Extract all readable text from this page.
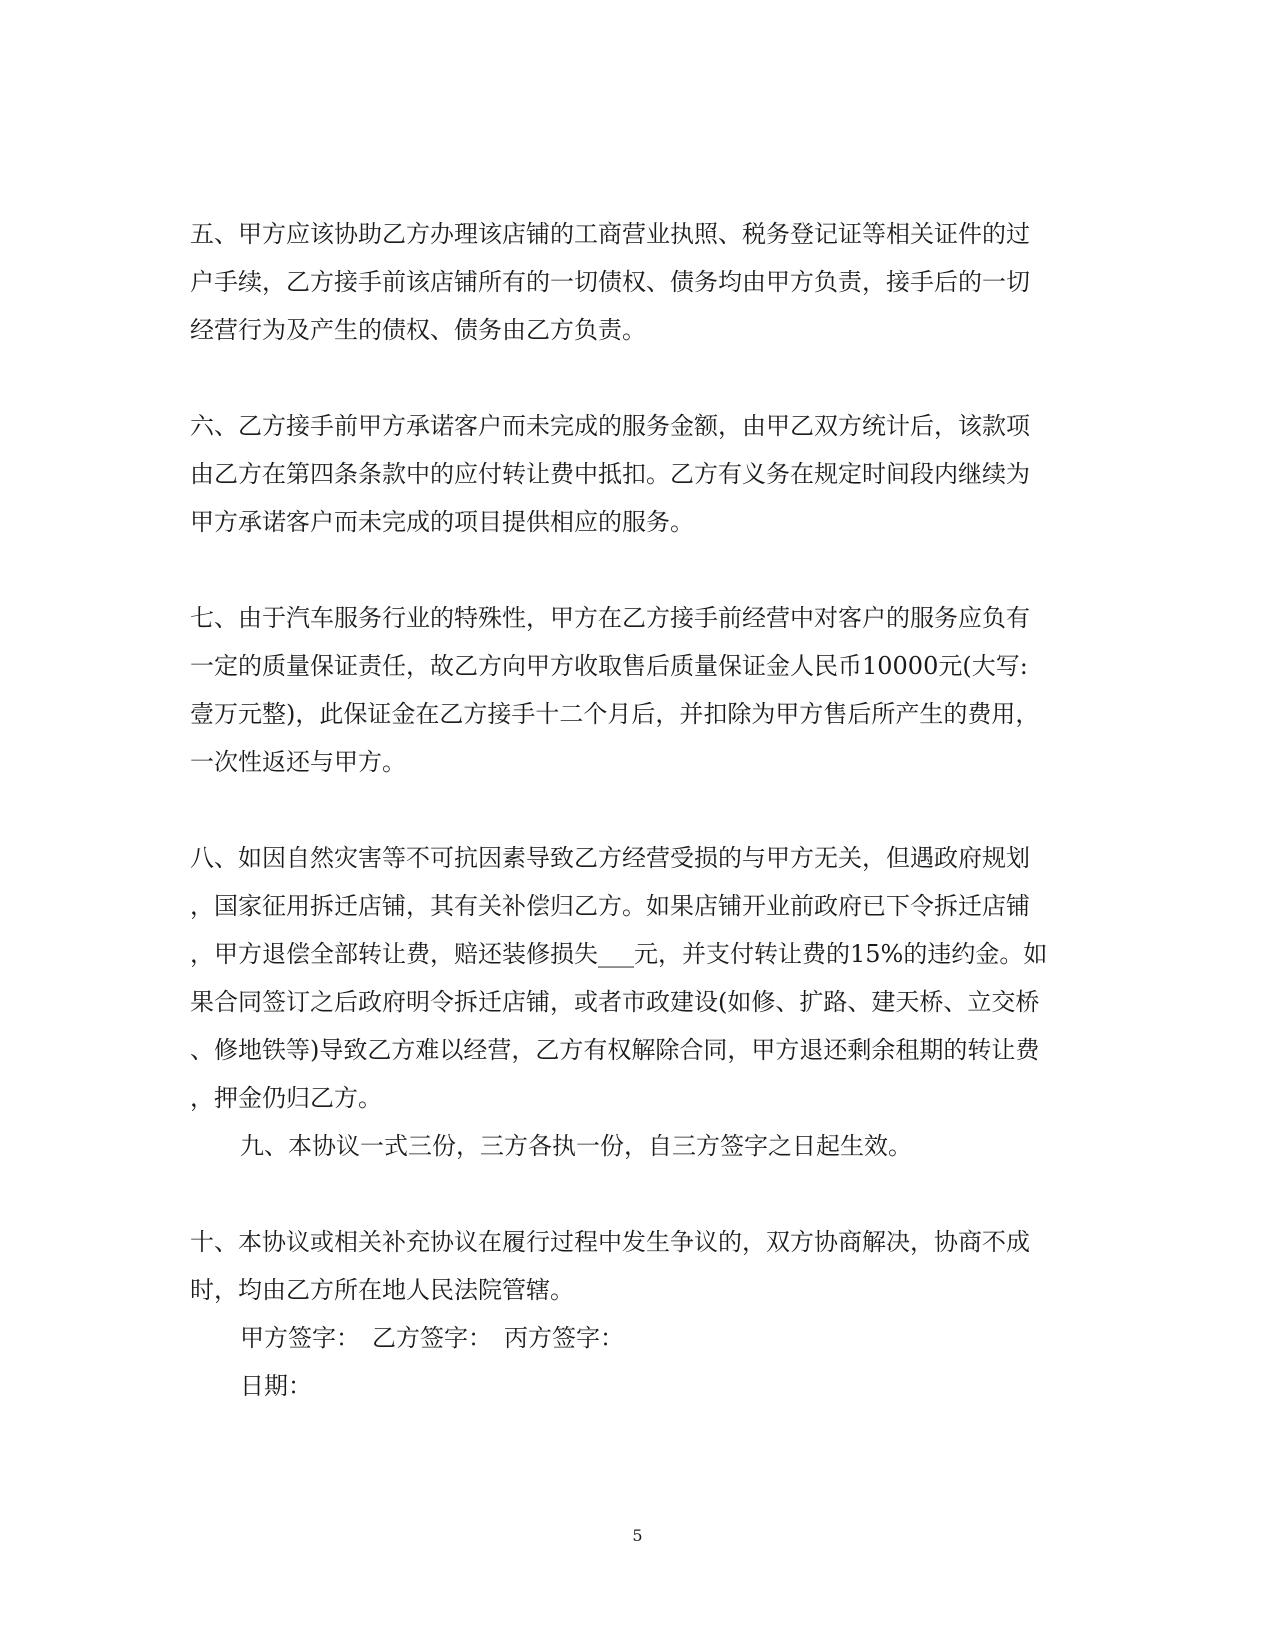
五、甲方应该协助乙方办理该店铺的工商营业执照、税务登记证等相关证件的过
户手续，乙方接手前该店铺所有的一切债权、债务均由甲方负责，接手后的一切
经营行为及产生的债权、债务由乙方负责。
六、乙方接手前甲方承诺客户而未完成的服务金额，由甲乙双方统计后，该款项
由乙方在第四条条款中的应付转让费中抵扣。乙方有义务在规定时间段内继续为
甲方承诺客户而未完成的项目提供相应的服务。
七、由于汽车服务行业的特殊性，甲方在乙方接手前经营中对客户的服务应负有
一定的质量保证责任，故乙方向甲方收取售后质量保证金人民币10000元(大写:
壹万元整)，此保证金在乙方接手十二个月后，并扣除为甲方售后所产生的费用，
一次性返还与甲方。
八、如因自然灾害等不可抗因素导致乙方经营受损的与甲方无关，但遇政府规划
，国家征用拆迁店铺，其有关补偿归乙方。如果店铺开业前政府已下令拆迁店铺
，甲方退偿全部转让费，赔还装修损失___元，并支付转让费的15%的违约金。如
果合同签订之后政府明令拆迁店铺，或者市政建设(如修、扩路、建天桥、立交桥
、修地铁等)导致乙方难以经营，乙方有权解除合同，甲方退还剩余租期的转让费
，押金仍归乙方。
九、本协议一式三份，三方各执一份，自三方签字之日起生效。
十、本协议或相关补充协议在履行过程中发生争议的，双方协商解决，协商不成
时，均由乙方所在地人民法院管辖。
甲方签字：　乙方签字：　丙方签字：
日期：
5
